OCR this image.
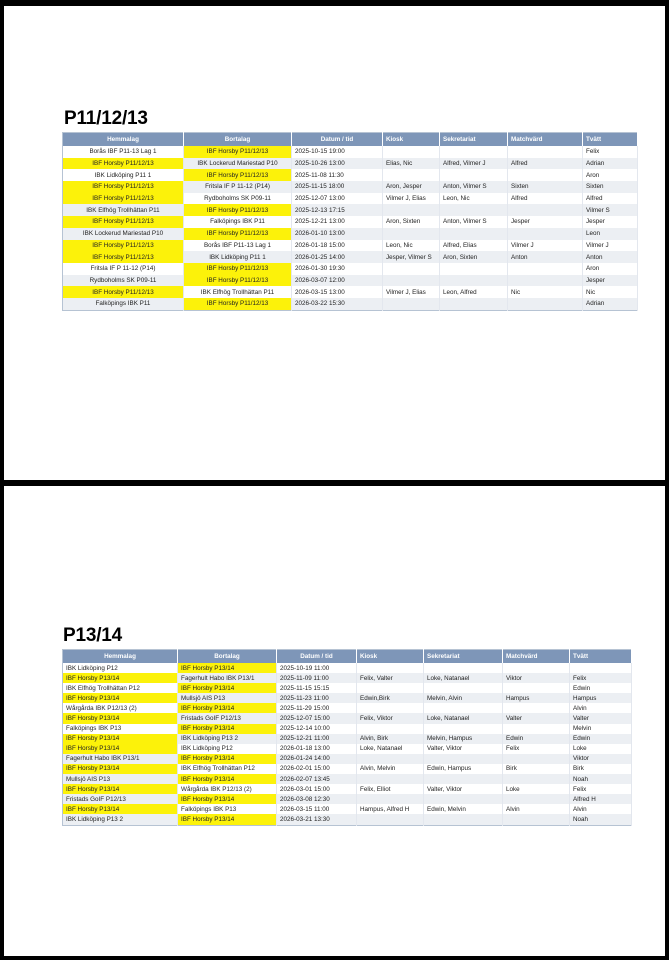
P11/12/13
Hemmalag	Bortalag	Datum / tid	Kiosk	Sekretariat	Matchvärd	Tvätt
Borås IBF P11-13 Lag 1	IBF Horsby P11/12/13	2025-10-15 19:00				Felix
IBF Horsby P11/12/13	IBK Lockerud Mariestad P10	2025-10-26 13:00	Elias, Nic	Alfred, Vilmer J	Alfred	Adrian
IBK Lidköping P11 1	IBF Horsby P11/12/13	2025-11-08 11:30				Aron
IBF Horsby P11/12/13	Fritsla IF P 11-12 (P14)	2025-11-15 18:00	Aron, Jesper	Anton, Vilmer S	Sixten	Sixten
IBF Horsby P11/12/13	Rydboholms SK P09-11	2025-12-07 13:00	Vilmer J, Elias	Leon, Nic	Alfred	Alfred
IBK Elfhög Trollhättan P11	IBF Horsby P11/12/13	2025-12-13 17:15				Vilmer S
IBF Horsby P11/12/13	Falköpings IBK P11	2025-12-21 13:00	Aron, Sixten	Anton, Vilmer S	Jesper	Jesper
IBK Lockerud Mariestad P10	IBF Horsby P11/12/13	2026-01-10 13:00				Leon
IBF Horsby P11/12/13	Borås IBF P11-13 Lag 1	2026-01-18 15:00	Leon, Nic	Alfred, Elias	Vilmer J	Vilmer J
IBF Horsby P11/12/13	IBK Lidköping P11 1	2026-01-25 14:00	Jesper, Vilmer S	Aron, Sixten	Anton	Anton
Fritsla IF P 11-12 (P14)	IBF Horsby P11/12/13	2026-01-30 19:30				Aron
Rydboholms SK P09-11	IBF Horsby P11/12/13	2026-03-07 12:00				Jesper
IBF Horsby P11/12/13	IBK Elfhög Trollhättan P11	2026-03-15 13:00	Vilmer J, Elias	Leon, Alfred	Nic	Nic
Falköpings IBK P11	IBF Horsby P11/12/13	2026-03-22 15:30				Adrian
P13/14
Hemmalag	Bortalag	Datum / tid	Kiosk	Sekretariat	Matchvärd	Tvätt
IBK Lidköping P12	IBF Horsby P13/14	2025-10-19 11:00				
IBF Horsby P13/14	Fagerhult Habo IBK P13/1	2025-11-09 11:00	Felix, Valter	Loke, Natanael	Viktor	Felix
IBK Elfhög Trollhättan P12	IBF Horsby P13/14	2025-11-15 15:15				Edwin
IBF Horsby P13/14	Mullsjö AIS P13	2025-11-23 11:00	Edwin,Birk	Melvin, Alvin	Hampus	Hampus
Wårgårda IBK P12/13 (2)	IBF Horsby P13/14	2025-11-29 15:00				Alvin
IBF Horsby P13/14	Fristads GoIF P12/13	2025-12-07 15:00	Felix, Viktor	Loke, Natanael	Valter	Valter
Falköpings IBK P13	IBF Horsby P13/14	2025-12-14 10:00				Melvin
IBF Horsby P13/14	IBK Lidköping P13 2	2025-12-21 11:00	Alvin, Birk	Melvin, Hampus	Edwin	Edwin
IBF Horsby P13/14	IBK Lidköping P12	2026-01-18 13:00	Loke, Natanael	Valter, Viktor	Felix	Loke
Fagerhult Habo IBK P13/1	IBF Horsby P13/14	2026-01-24 14:00				Viktor
IBF Horsby P13/14	IBK Elfhög Trollhättan P12	2026-02-01 15:00	Alvin, Melvin	Edwin, Hampus	Birk	Birk
Mullsjö AIS P13	IBF Horsby P13/14	2026-02-07 13:45				Noah
IBF Horsby P13/14	Wårgårda IBK P12/13 (2)	2026-03-01 15:00	Felix, Elliot	Valter, Viktor	Loke	Felix
Fristads GoIF P12/13	IBF Horsby P13/14	2026-03-08 12:30				Alfred H
IBF Horsby P13/14	Falköpings IBK P13	2026-03-15 11:00	Hampus, Alfred H	Edwin, Melvin	Alvin	Alvin
IBK Lidköping P13 2	IBF Horsby P13/14	2026-03-21 13:30				Noah
